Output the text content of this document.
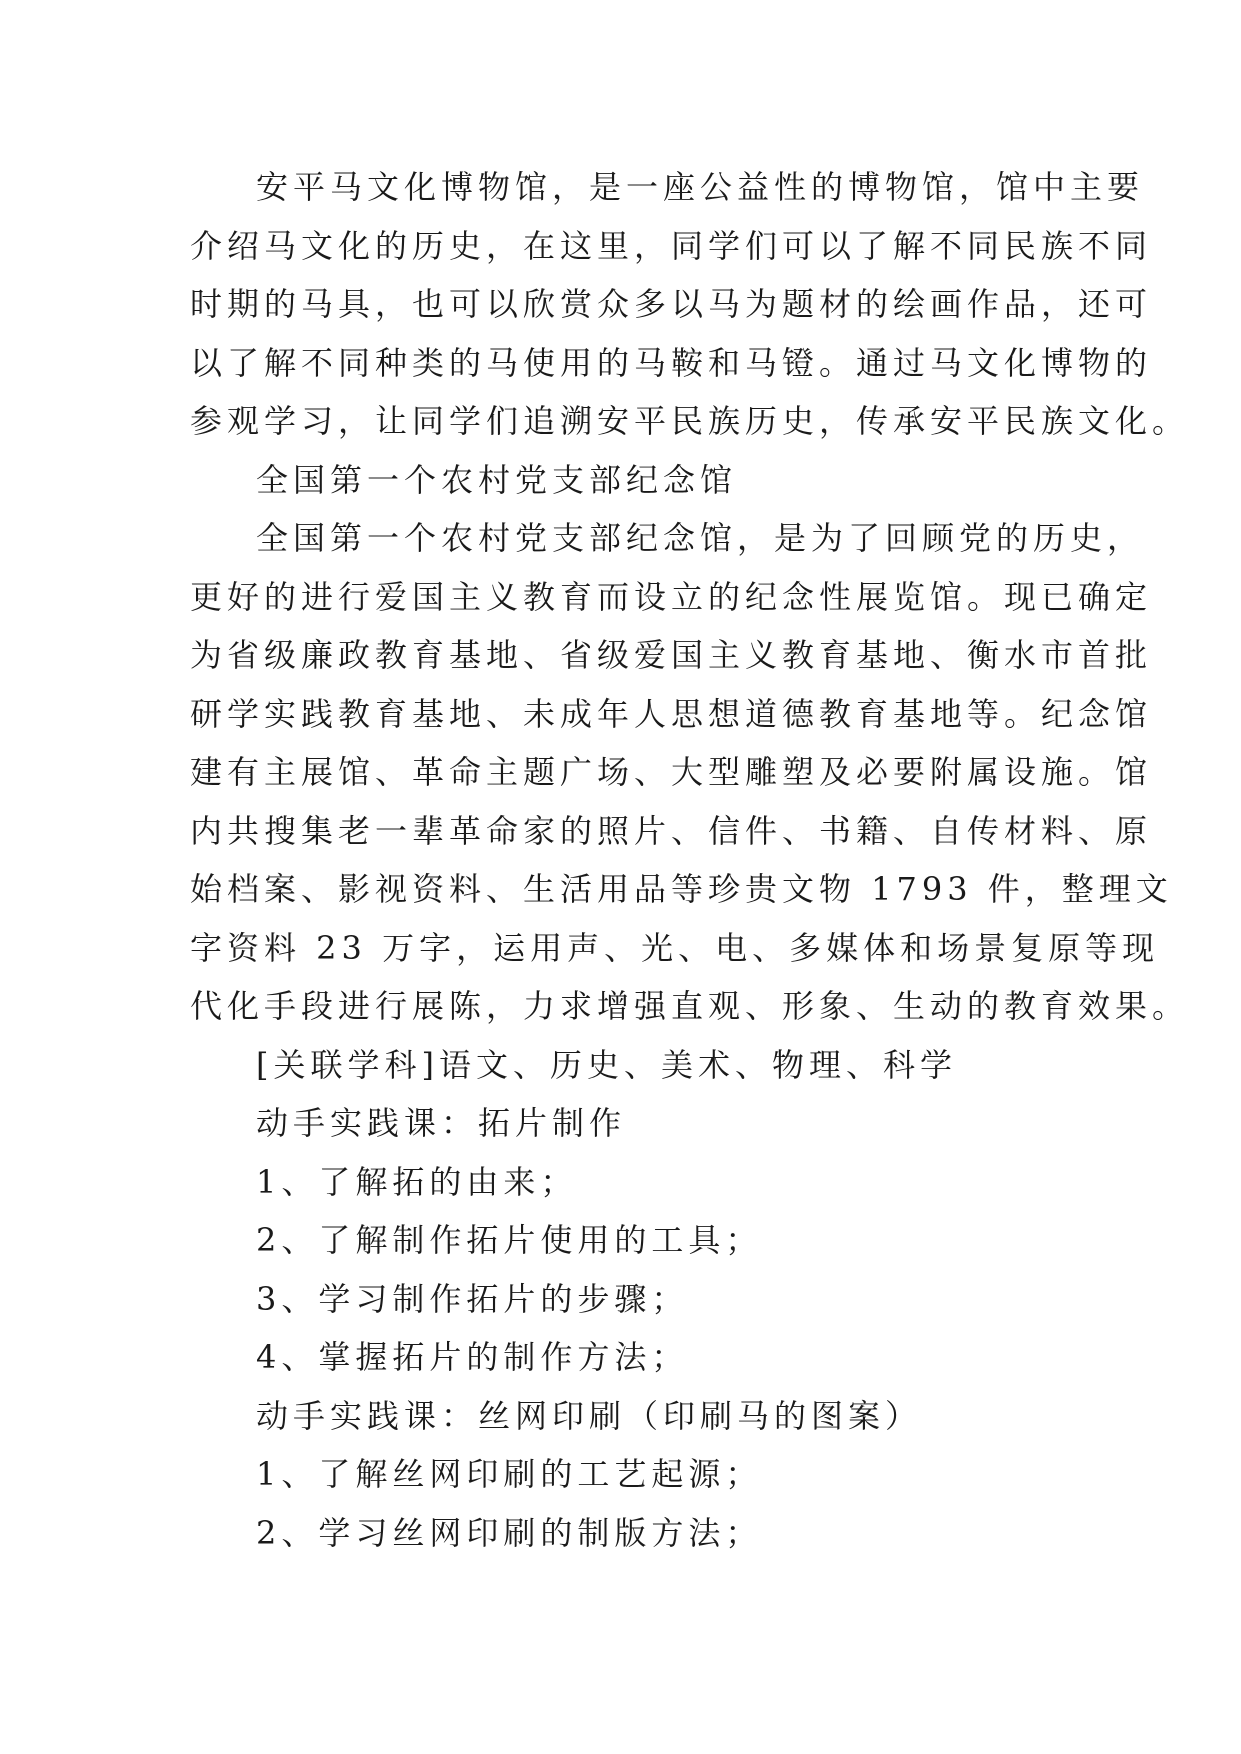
安平马文化博物馆，是一座公益性的博物馆，馆中主要
介绍马文化的历史，在这里，同学们可以了解不同民族不同
时期的马具，也可以欣赏众多以马为题材的绘画作品，还可
以了解不同种类的马使用的马鞍和马镫。通过马文化博物的
参观学习，让同学们追溯安平民族历史，传承安平民族文化。
全国第一个农村党支部纪念馆
全国第一个农村党支部纪念馆，是为了回顾党的历史，
更好的进行爱国主义教育而设立的纪念性展览馆。现已确定
为省级廉政教育基地、省级爱国主义教育基地、衡水市首批
研学实践教育基地、未成年人思想道德教育基地等。纪念馆
建有主展馆、革命主题广场、大型雕塑及必要附属设施。馆
内共搜集老一辈革命家的照片、信件、书籍、自传材料、原
始档案、影视资料、生活用品等珍贵文物 1793 件，整理文
字资料 23 万字，运用声、光、电、多媒体和场景复原等现
代化手段进行展陈，力求增强直观、形象、生动的教育效果。
[关联学科]语文、历史、美术、物理、科学
动手实践课：拓片制作
1、了解拓的由来；
2、了解制作拓片使用的工具；
3、学习制作拓片的步骤；
4、掌握拓片的制作方法；
动手实践课：丝网印刷（印刷马的图案）
1、了解丝网印刷的工艺起源；
2、学习丝网印刷的制版方法；
